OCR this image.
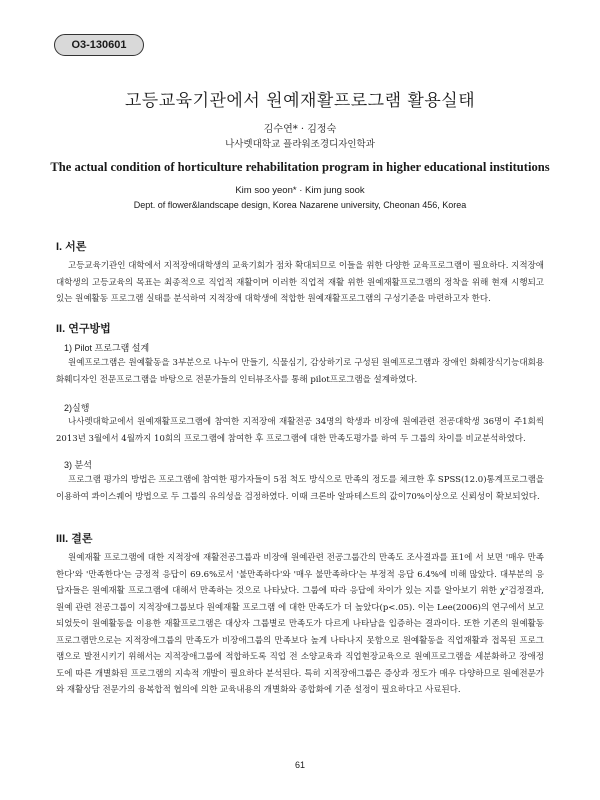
O3-130601
고등교육기관에서 원예재활프로그램 활용실태
김수연* · 김정숙
나사렛대학교 플라워조경디자인학과
The actual condition of horticulture rehabilitation program in higher educational institutions
Kim soo yeon* · Kim jung sook
Dept. of flower&landscape design, Korea Nazarene university, Cheonan 456, Korea
I. 서론

고등교육기관인 대학에서 지적장애대학생의 교육기회가 점차 확대되므로 이들을 위한 다양한 교육프로그램이 필요하다. 지적장애대학생의 고등교육의 목표는 최종적으로 직업적 재활이며 이러한 직업적 재활 위한 원예재활프로그램의 정착을 위해 현재 시행되고 있는 원예활동 프로그램 실태를 분석하여 지적장애 대학생에 적합한 원예재활프로그램의 구성기준을 마련하고자 한다.

II. 연구방법
1) Pilot 프로그램 설계

원예프로그램은 원예활동을 3부분으로 나누어 만들기, 식물심기, 감상하기로 구성된 원예프로그램과 장애인 화훼장식기능대회용 화훼디자인 전문프로그램을 바탕으로 전문가들의 인터뷰조사를 통해 pilot프로그램을 설계하였다.

2)실행

나사렛대학교에서 원예재활프로그램에 참여한 지적장애 재활전공 34명의 학생과 비장애 원예관련 전공대학생 36명이 주1회씩 2013년 3월에서 4월까지 10회의 프로그램에 참여한 후 프로그램에 대한 만족도평가를 하여 두 그룹의 차이를 비교분석하였다.

3) 분석

프로그램 평가의 방법은 프로그램에 참여한 평가자들이 5점 척도 방식으로 만족의 정도를 체크한 후 SPSS(12.0)통계프로그램을 이용하여 콰이스퀘어 방법으로 두 그룹의 유의성을 검정하였다. 이때 크론바 알파테스트의 값이70%이상으로 신뢰성이 확보되었다.

III. 결론

원예재활 프로그램에 대한 지적장애 재활전공그룹과 비장애 원예관련 전공그룹간의 만족도 조사결과를 표1에 서 보면 '매우 만족한다'와 '만족한다'는 긍정적 응답이 69.6%로서 '불만족하다'와 '매우 불만족하다'는 부정적 응답 6.4%에 비해 많았다. 대부분의 응답자들은 원예재활 프로그램에 대해서 만족하는 것으로 나타났다. 그룹에 따라 응답에 차이가 있는 지를 알아보기 위한 χ²검정결과, 원예 관련 전공그룹이 지적장애그룹보다 원예재활 프로그램 에 대한 만족도가 더 높았다(p<.05). 이는 Lee(2006)의 연구에서 보고 되었듯이 원예활동을 이용한 재활프로그램은 대상자 그룹별로 만족도가 다르게 나타남을 입증하는 결과이다. 또한 기존의 원예활동 프로그램만으로는 지적장애그룹의 만족도가 비장애그룹의 만족보다 높게 나타나지 못함으로 원예활동을 직업재활과 접목된 프로그램으로 발전시키기 위해서는 지적장애그룹에 적합하도록 직업 전 소양교육과 직업현장교육으로 원예프로그램을 세분화하고 장애정도에 따른 개별화된 프로그램의 지속적 개발이 필요하다 분석된다. 특히 지적장애그룹은 증상과 정도가 매우 다양하므로 원예전문가와 재활상담 전문가의 융복합적 협의에 의한 교육내용의 개별화와 종합화에 기준 설정이 필요하다고 사료된다.

61
